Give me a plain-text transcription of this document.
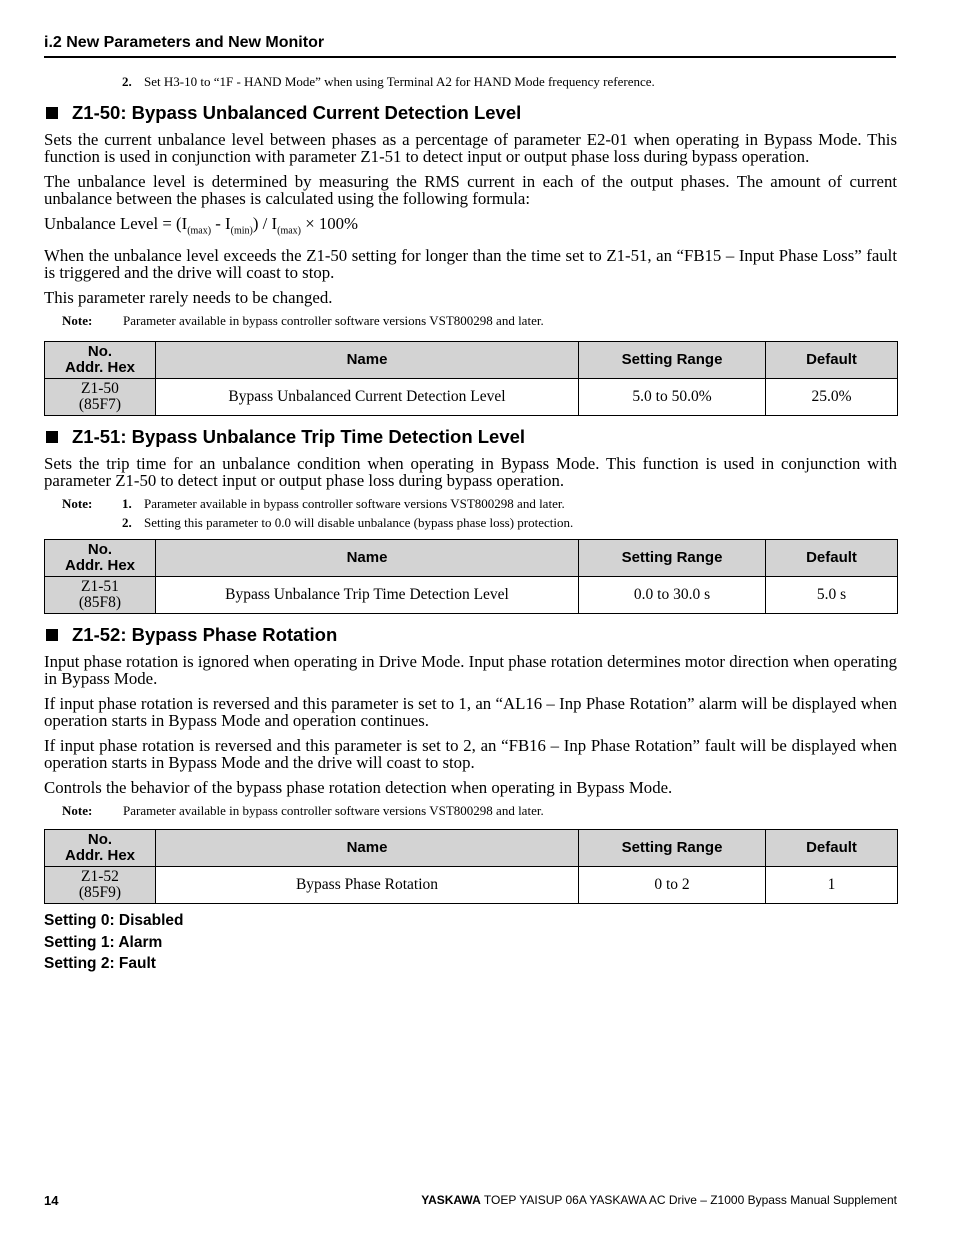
i.2 New Parameters and New Monitor
2. Set H3-10 to “1F - HAND Mode” when using Terminal A2 for HAND Mode frequency reference.
Z1-50: Bypass Unbalanced Current Detection Level

Sets the current unbalance level between phases as a percentage of parameter E2-01 when operating in Bypass Mode. This function is used in conjunction with parameter Z1-51 to detect input or output phase loss during bypass operation.

The unbalance level is determined by measuring the RMS current in each of the output phases. The amount of current unbalance between the phases is calculated using the following formula:

Unbalance Level = $(I_{(max)} - I_{(min)}) / I_{(max)} \times 100\%$

When the unbalance level exceeds the Z1-50 setting for longer than the time set to Z1-51, an “FB15 – Input Phase Loss” fault is triggered and the drive will coast to stop.

This parameter rarely needs to be changed.

Note: Parameter available in bypass controller software versions VST800298 and later.
No.
Addr. Hex	Name	Setting Range	Default
Z1-50
(85F7)	Bypass Unbalanced Current Detection Level	5.0 to 50.0%	25.0%
Z1-51: Bypass Unbalance Trip Time Detection Level

Sets the trip time for an unbalance condition when operating in Bypass Mode. This function is used in conjunction with parameter Z1-50 to detect input or output phase loss during bypass operation.

Note: 1. Parameter available in bypass controller software versions VST800298 and later.
2. Setting this parameter to 0.0 will disable unbalance (bypass phase loss) protection.
No.
Addr. Hex	Name	Setting Range	Default
Z1-51
(85F8)	Bypass Unbalance Trip Time Detection Level	0.0 to 30.0 s	5.0 s
Z1-52: Bypass Phase Rotation

Input phase rotation is ignored when operating in Drive Mode. Input phase rotation determines motor direction when operating in Bypass Mode.

If input phase rotation is reversed and this parameter is set to 1, an “AL16 – Inp Phase Rotation” alarm will be displayed when operation starts in Bypass Mode and operation continues.

If input phase rotation is reversed and this parameter is set to 2, an “FB16 – Inp Phase Rotation” fault will be displayed when operation starts in Bypass Mode and the drive will coast to stop.

Controls the behavior of the bypass phase rotation detection when operating in Bypass Mode.

Note: Parameter available in bypass controller software versions VST800298 and later.
No.
Addr. Hex	Name	Setting Range	Default
Z1-52
(85F9)	Bypass Phase Rotation	0 to 2	1
Setting 0: Disabled
Setting 1: Alarm
Setting 2: Fault
14	YASKAWA TOEP YAISUP 06A YASKAWA AC Drive – Z1000 Bypass Manual Supplement
